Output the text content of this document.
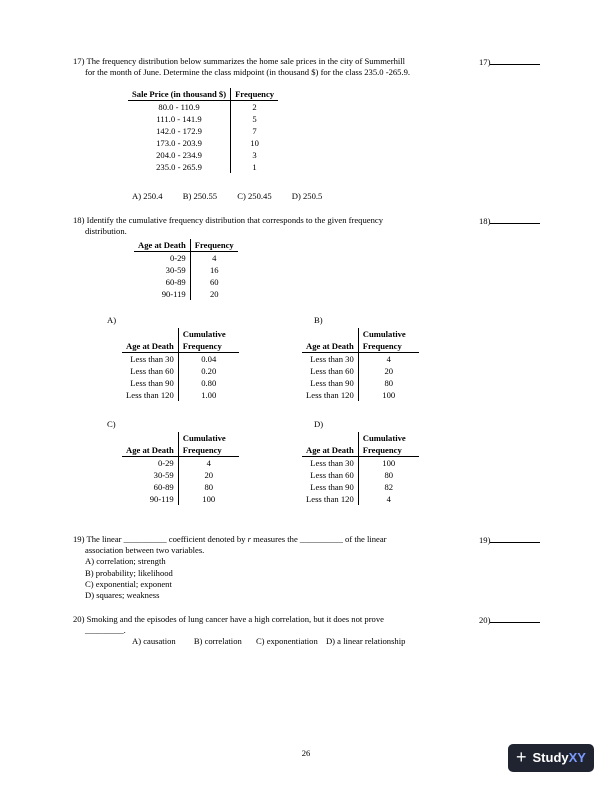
17) The frequency distribution below summarizes the home sale prices in the city of Summerhill
for the month of June. Determine the class midpoint (in thousand $) for the class 235.0 -265.9.
17)
Sale Price (in thousand $)	Frequency
80.0 - 110.9	2
111.0 - 141.9	5
142.0 - 172.9	7
173.0 - 203.9	10
204.0 - 234.9	3
235.0 - 265.9	1
A) 250.4 B) 250.55 C) 250.45 D) 250.5
18) Identify the cumulative frequency distribution that corresponds to the given frequency
distribution.
18)
Age at Death	Frequency
0-29	4
30-59	16
60-89	60
90-119	20
A)
Age at Death	Cumulative Frequency
Less than 30	0.04
Less than 60	0.20
Less than 90	0.80
Less than 120	1.00
B)
Age at Death	Cumulative Frequency
Less than 30	4
Less than 60	20
Less than 90	80
Less than 120	100
C)
Age at Death	Cumulative Frequency
0-29	4
30-59	20
60-89	80
90-119	100
D)
Age at Death	Cumulative Frequency
Less than 30	100
Less than 60	80
Less than 90	82
Less than 120	4
19) The linear __________ coefficient denoted by r measures the __________ of the linear
association between two variables.
A) correlation; strength
B) probability; likelihood
C) exponential; exponent
D) squares; weakness
19)
20) Smoking and the episodes of lung cancer have a high correlation, but it does not prove
_________.
20)
A) causation B) correlation C) exponentiation D) a linear relationship
26	+ Study XY
